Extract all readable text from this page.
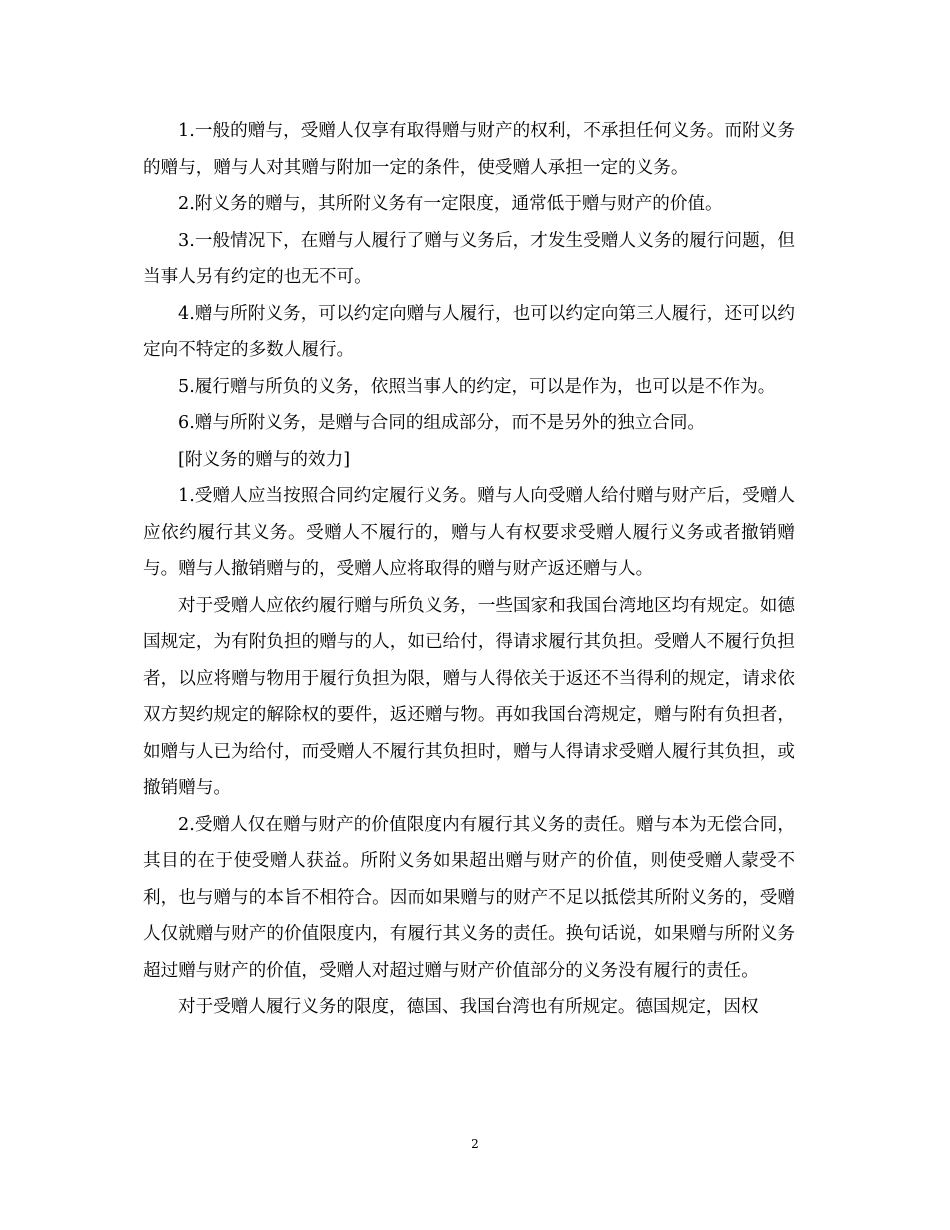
1.一般的赠与，受赠人仅享有取得赠与财产的权利，不承担任何义务。而附义务的赠与，赠与人对其赠与附加一定的条件，使受赠人承担一定的义务。

2.附义务的赠与，其所附义务有一定限度，通常低于赠与财产的价值。

3.一般情况下，在赠与人履行了赠与义务后，才发生受赠人义务的履行问题，但当事人另有约定的也无不可。

4.赠与所附义务，可以约定向赠与人履行，也可以约定向第三人履行，还可以约定向不特定的多数人履行。

5.履行赠与所负的义务，依照当事人的约定，可以是作为，也可以是不作为。

6.赠与所附义务，是赠与合同的组成部分，而不是另外的独立合同。

[附义务的赠与的效力]

1.受赠人应当按照合同约定履行义务。赠与人向受赠人给付赠与财产后，受赠人应依约履行其义务。受赠人不履行的，赠与人有权要求受赠人履行义务或者撤销赠与。赠与人撤销赠与的，受赠人应将取得的赠与财产返还赠与人。

对于受赠人应依约履行赠与所负义务，一些国家和我国台湾地区均有规定。如德国规定，为有附负担的赠与的人，如已给付，得请求履行其负担。受赠人不履行负担者，以应将赠与物用于履行负担为限，赠与人得依关于返还不当得利的规定，请求依双方契约规定的解除权的要件，返还赠与物。再如我国台湾规定，赠与附有负担者，如赠与人已为给付，而受赠人不履行其负担时，赠与人得请求受赠人履行其负担，或撤销赠与。

2.受赠人仅在赠与财产的价值限度内有履行其义务的责任。赠与本为无偿合同，其目的在于使受赠人获益。所附义务如果超出赠与财产的价值，则使受赠人蒙受不利，也与赠与的本旨不相符合。因而如果赠与的财产不足以抵偿其所附义务的，受赠人仅就赠与财产的价值限度内，有履行其义务的责任。换句话说，如果赠与所附义务超过赠与财产的价值，受赠人对超过赠与财产价值部分的义务没有履行的责任。

对于受赠人履行义务的限度，德国、我国台湾也有所规定。德国规定，因权

2
